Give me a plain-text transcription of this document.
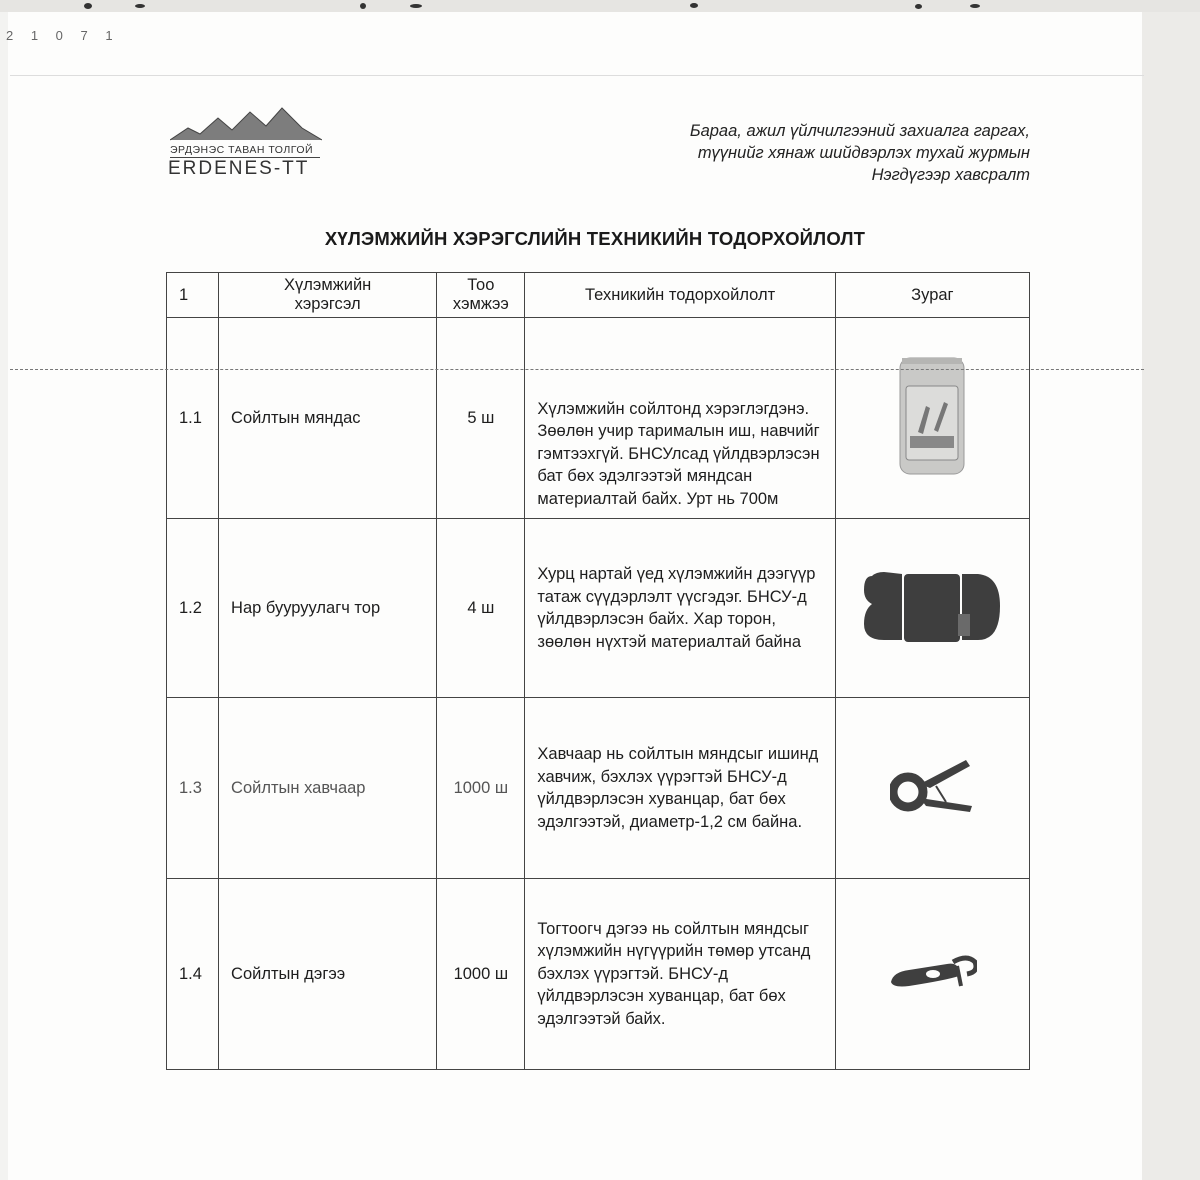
2 1 0 7 1
ЭРДЭНЭС ТАВАН ТОЛГОЙ
ERDENES-TT
Бараа, ажил үйлчилгээний захиалга гаргах,
түүнийг хянаж шийдвэрлэх тухай журмын
Нэгдүгээр хавсралт
ХҮЛЭМЖИЙН ХЭРЭГСЛИЙН ТЕХНИКИЙН ТОДОРХОЙЛОЛТ
1	Хүлэмжийн хэрэгсэл	Тоо хэмжээ	Техникийн тодорхойлолт	Зураг
1.1	Сойлтын мяндас	5 ш	Хүлэмжийн сойлтонд хэрэглэгдэнэ. Зөөлөн учир тарималын иш, навчийг гэмтээхгүй. БНСУлсад үйлдвэрлэсэн бат бөх эдэлгээтэй мяндсан материалтай байх. Урт нь 700м	
1.2	Нар бууруулагч тор	4 ш	Хурц нартай үед хүлэмжийн дээгүүр татаж сүүдэрлэлт үүсгэдэг. БНСУ-д үйлдвэрлэсэн байх. Хар торон, зөөлөн нүхтэй материалтай байна	
1.3	Сойлтын хавчаар	1000 ш	Хавчаар нь сойлтын мяндсыг ишинд хавчиж, бэхлэх үүрэгтэй БНСУ-д үйлдвэрлэсэн хуванцар, бат бөх эдэлгээтэй, диаметр-1,2 см байна.	
1.4	Сойлтын дэгээ	1000 ш	Тогтоогч дэгээ нь сойлтын мяндсыг хүлэмжийн нүгүүрийн төмөр утсанд бэхлэх үүрэгтэй. БНСУ-д үйлдвэрлэсэн хуванцар, бат бөх эдэлгээтэй байх.	
